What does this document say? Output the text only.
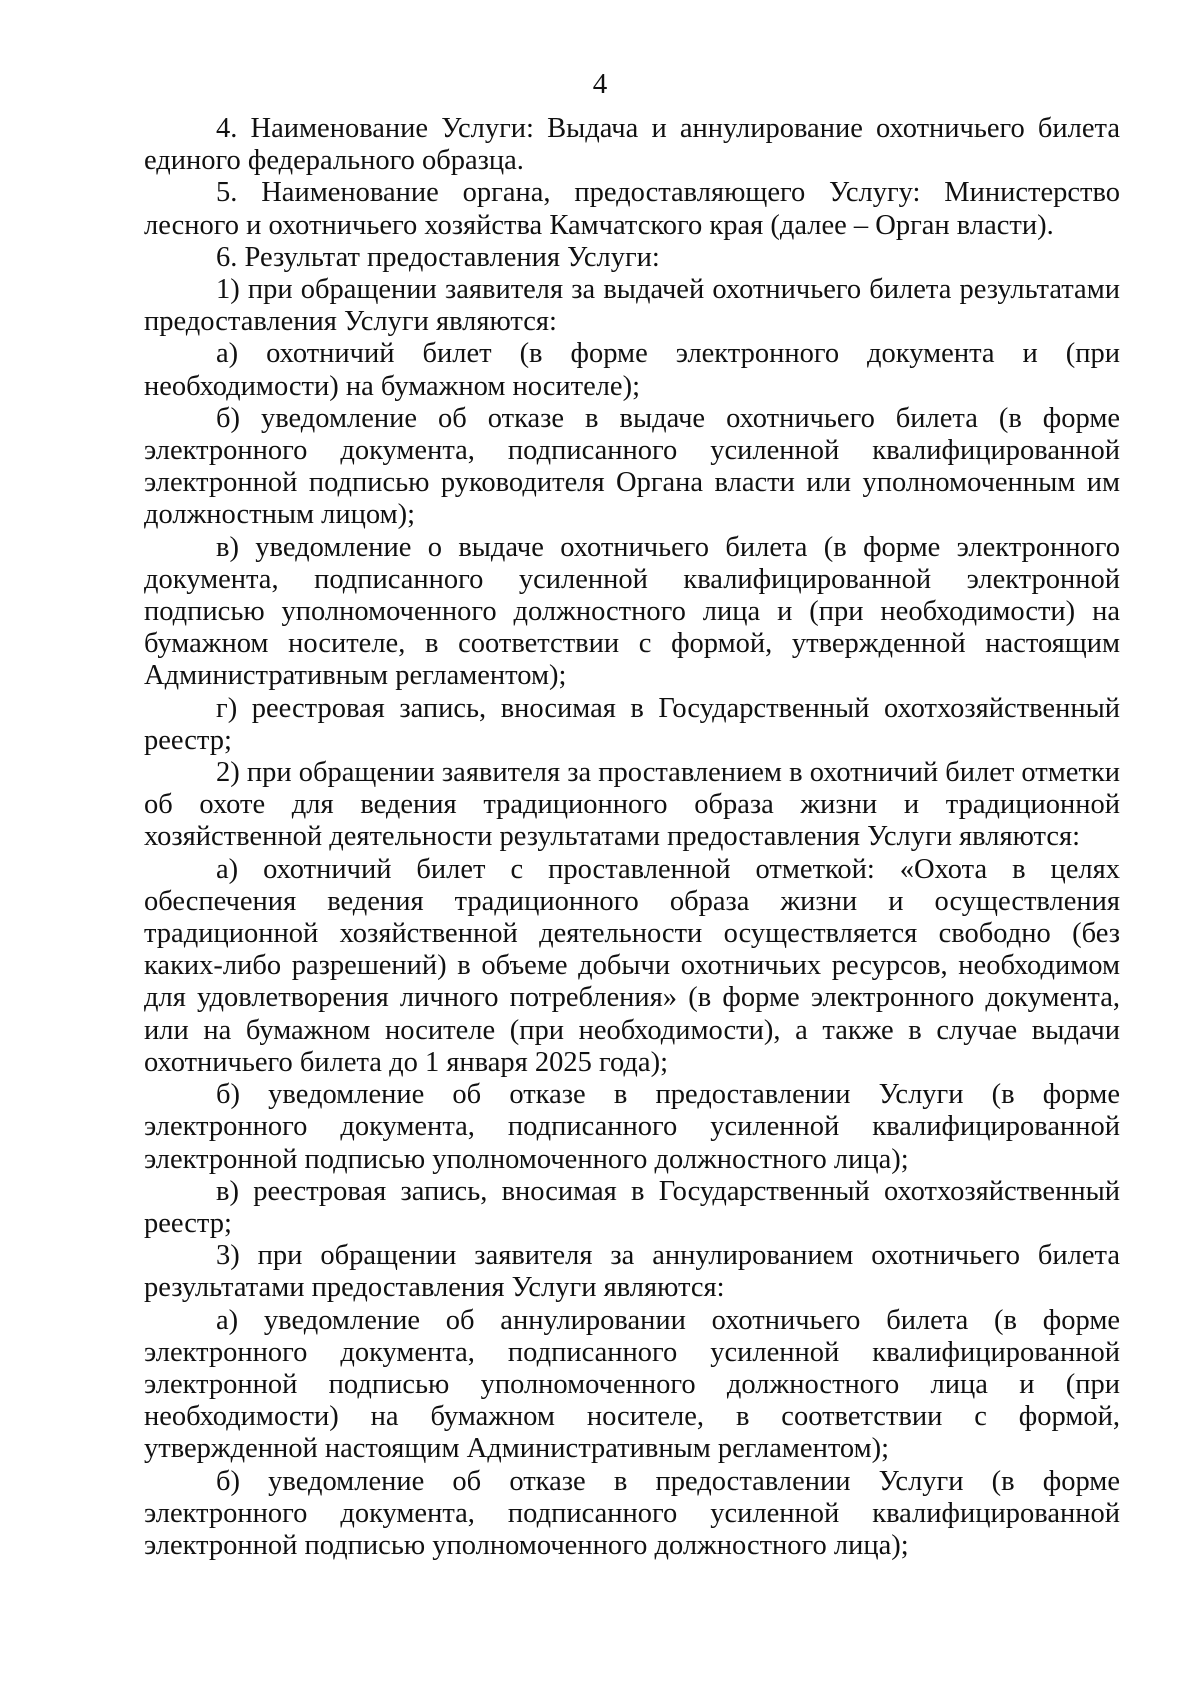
4

4. Наименование Услуги: Выдача и аннулирование охотничьего билета единого федерального образца.

5. Наименование органа, предоставляющего Услугу: Министерство лесного и охотничьего хозяйства Камчатского края (далее – Орган власти).

6. Результат предоставления Услуги:

1) при обращении заявителя за выдачей охотничьего билета результатами предоставления Услуги являются:

а) охотничий билет (в форме электронного документа и (при необходимости) на бумажном носителе);

б) уведомление об отказе в выдаче охотничьего билета (в форме электронного документа, подписанного усиленной квалифицированной электронной подписью руководителя Органа власти или уполномоченным им должностным лицом);

в) уведомление о выдаче охотничьего билета (в форме электронного документа, подписанного усиленной квалифицированной электронной подписью уполномоченного должностного лица и (при необходимости) на бумажном носителе, в соответствии с формой, утвержденной настоящим Административным регламентом);

г) реестровая запись, вносимая в Государственный охотхозяйственный реестр;

2) при обращении заявителя за проставлением в охотничий билет отметки об охоте для ведения традиционного образа жизни и традиционной хозяйственной деятельности результатами предоставления Услуги являются:

а) охотничий билет с проставленной отметкой: «Охота в целях обеспечения ведения традиционного образа жизни и осуществления традиционной хозяйственной деятельности осуществляется свободно (без каких-либо разрешений) в объеме добычи охотничьих ресурсов, необходимом для удовлетворения личного потребления» (в форме электронного документа, или на бумажном носителе (при необходимости), а также в случае выдачи охотничьего билета до 1 января 2025 года);

б) уведомление об отказе в предоставлении Услуги (в форме электронного документа, подписанного усиленной квалифицированной электронной подписью уполномоченного должностного лица);

в) реестровая запись, вносимая в Государственный охотхозяйственный реестр;

3) при обращении заявителя за аннулированием охотничьего билета результатами предоставления Услуги являются:

а) уведомление об аннулировании охотничьего билета (в форме электронного документа, подписанного усиленной квалифицированной электронной подписью уполномоченного должностного лица и (при необходимости) на бумажном носителе, в соответствии с формой, утвержденной настоящим Административным регламентом);

б) уведомление об отказе в предоставлении Услуги (в форме электронного документа, подписанного усиленной квалифицированной электронной подписью уполномоченного должностного лица);
